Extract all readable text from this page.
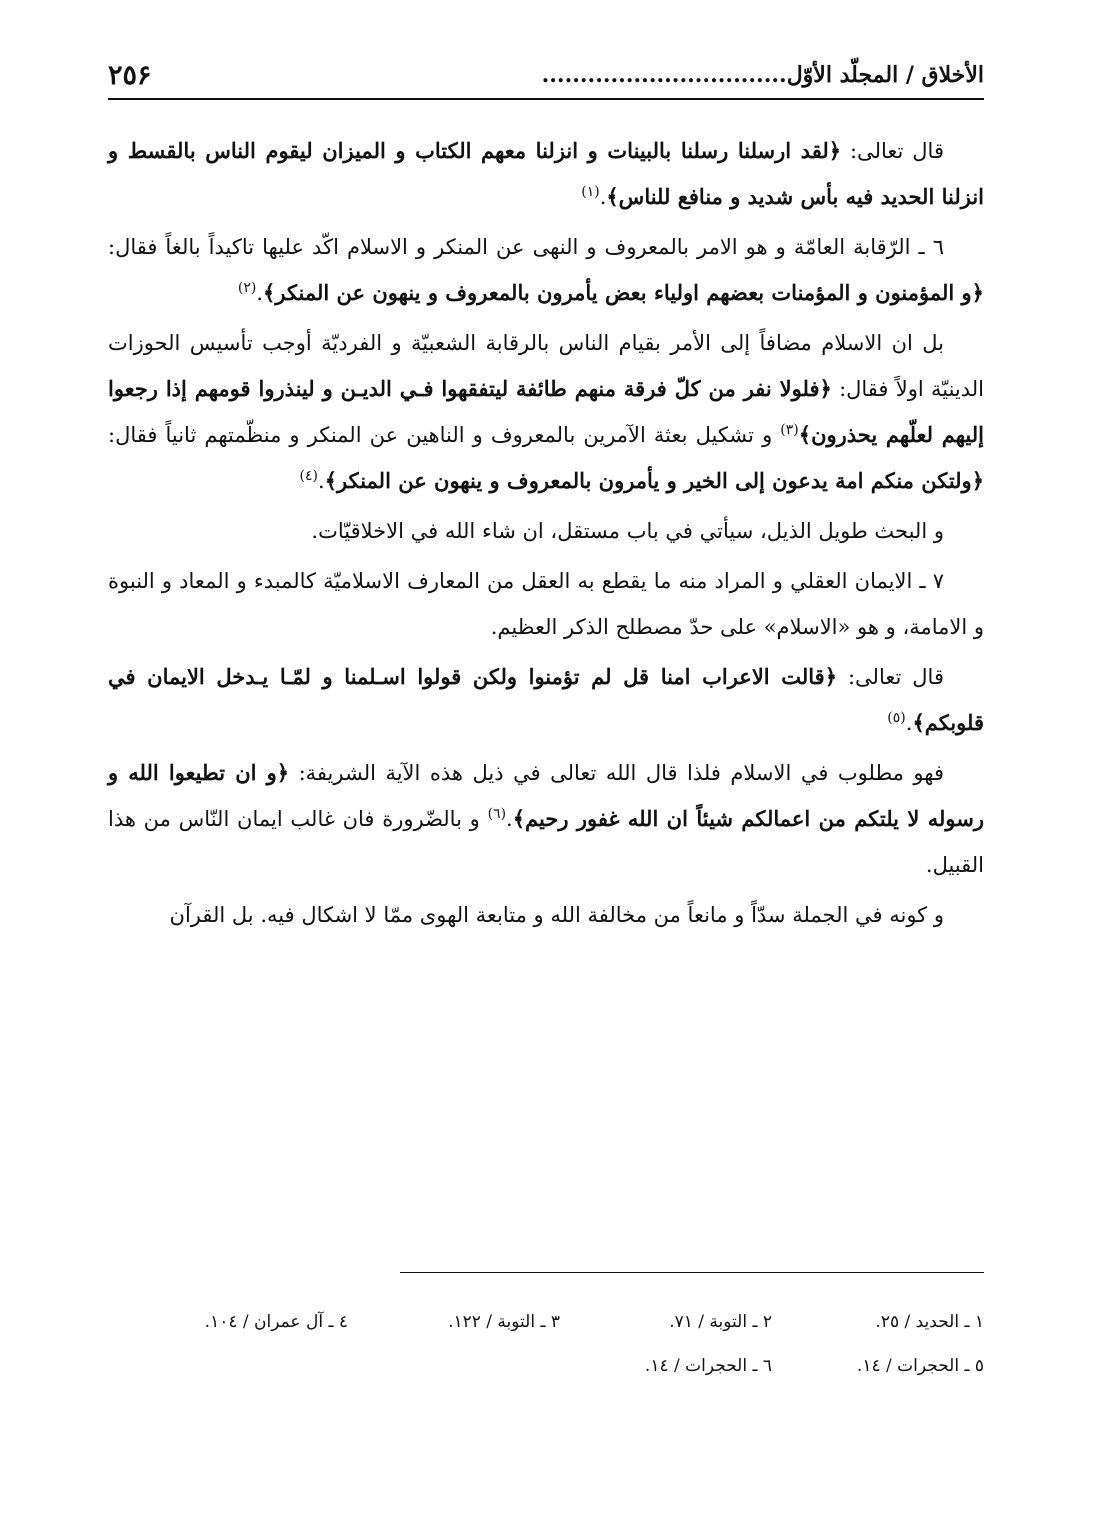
الأخلاق / المجلّد الأوّل................................
٢٥۶

قال تعالى: ﴿لقد ارسلنا رسلنا بالبينات و انزلنا معهم الكتاب و الميزان ليقوم الناس بالقسط و انزلنا الحديد فيه بأس شديد و منافع للناس﴾.$^{(١)}$

٦ ـ الرّقابة العامّة و هو الامر بالمعروف و النهى عن المنكر و الاسلام اكّد عليها تاكيداً بالغاً فقال: ﴿و المؤمنون و المؤمنات بعضهم اولياء بعض يأمرون بالمعروف و ينهون عن المنكر﴾.$^{(٢)}$

بل ان الاسلام مضافاً إلى الأمر بقيام الناس بالرقابة الشعبيّة و الفرديّة أوجب تأسيس الحوزات الدينيّة اولاً فقال: ﴿فلولا نفر من كلّ فرقة منهم طائفة ليتفقهوا فـي الديـن و لينذروا قومهم إذا رجعوا إليهم لعلّهم يحذرون﴾$^{(٣)}$ و تشكيل بعثة الآمرين بالمعروف و الناهين عن المنكر و منظّمتهم ثانياً فقال: ﴿ولتكن منكم امة يدعون إلى الخير و يأمرون بالمعروف و ينهون عن المنكر﴾.$^{(٤)}$

و البحث طويل الذيل، سيأتي في باب مستقل، ان شاء الله في الاخلاقيّات.

٧ ـ الايمان العقلي و المراد منه ما يقطع به العقل من المعارف الاسلاميّة كالمبدء و المعاد و النبوة و الامامة، و هو «الاسلام» على حدّ مصطلح الذكر العظيم.

قال تعالى: ﴿قالت الاعراب امنا قل لم تؤمنوا ولكن قولوا اسـلمنا و لمّـا يـدخل الايمان في قلوبكم﴾.$^{(٥)}$

فهو مطلوب في الاسلام فلذا قال الله تعالى في ذيل هذه الآية الشريفة: ﴿و ان تطيعوا الله و رسوله لا يلتكم من اعمالكم شيئاً ان الله غفور رحيم﴾.$^{(٦)}$ و بالضّرورة فان غالب ايمان النّاس من هذا القبيل.

و كونه في الجملة سدّاً و مانعاً من مخالفة الله و متابعة الهوى ممّا لا اشكال فيه. بل القرآن

١ ـ الحديد / ٢٥.
٢ ـ التوبة / ٧١.
٣ ـ التوبة / ١٢٢.
٤ ـ آل عمران / ١٠٤.
٥ ـ الحجرات / ١٤.
٦ ـ الحجرات / ١٤.
